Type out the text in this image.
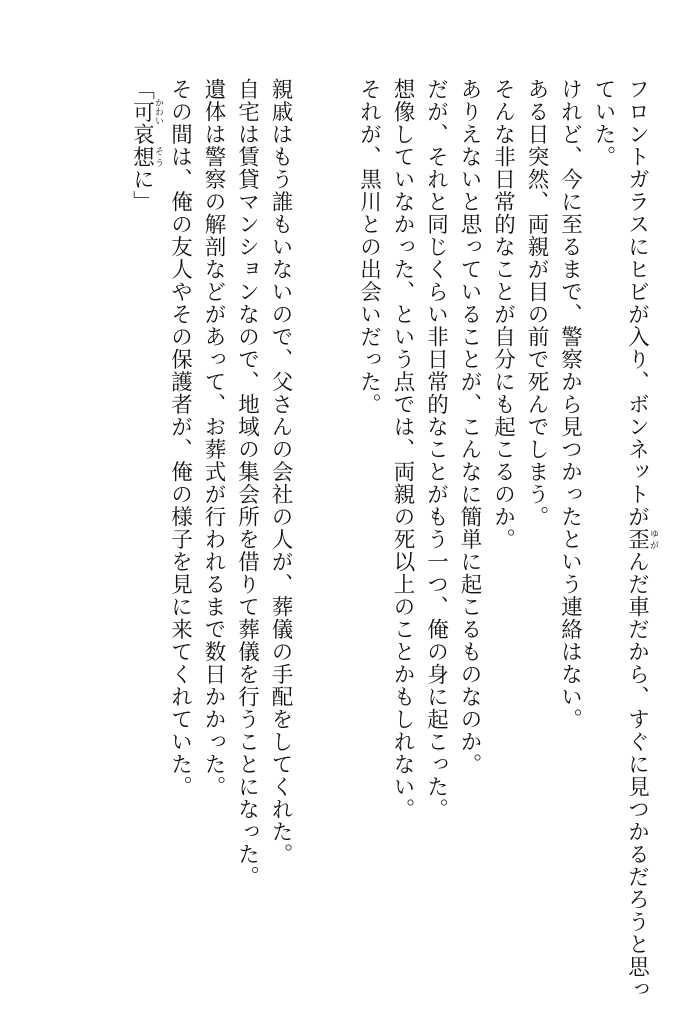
フロントガラスにヒビが入り、ボンネットが歪ゆがんだ車だから、すぐに見つかるだろうと思っ
ていた。
けれど、今に至るまで、警察から見つかったという連絡はない。
ある日突然、両親が目の前で死んでしまう。
そんな非日常的なことが自分にも起こるのか。
ありえないと思っていることが、こんなに簡単に起こるものなのか。
だが、それと同じくらい非日常的なことがもう一つ、俺の身に起こった。
想像していなかった、という点では、両親の死以上のことかもしれない。
それが、黒川との出会いだった。
親戚はもう誰もいないので、父さんの会社の人が、葬儀の手配をしてくれた。
自宅は賃貸マンションなので、地域の集会所を借りて葬儀を行うことになった。
遺体は警察の解剖などがあって、お葬式が行われるまで数日かかった。
その間は、俺の友人やその保護者が、俺の様子を見に来てくれていた。
「可かわい哀想そうに」
